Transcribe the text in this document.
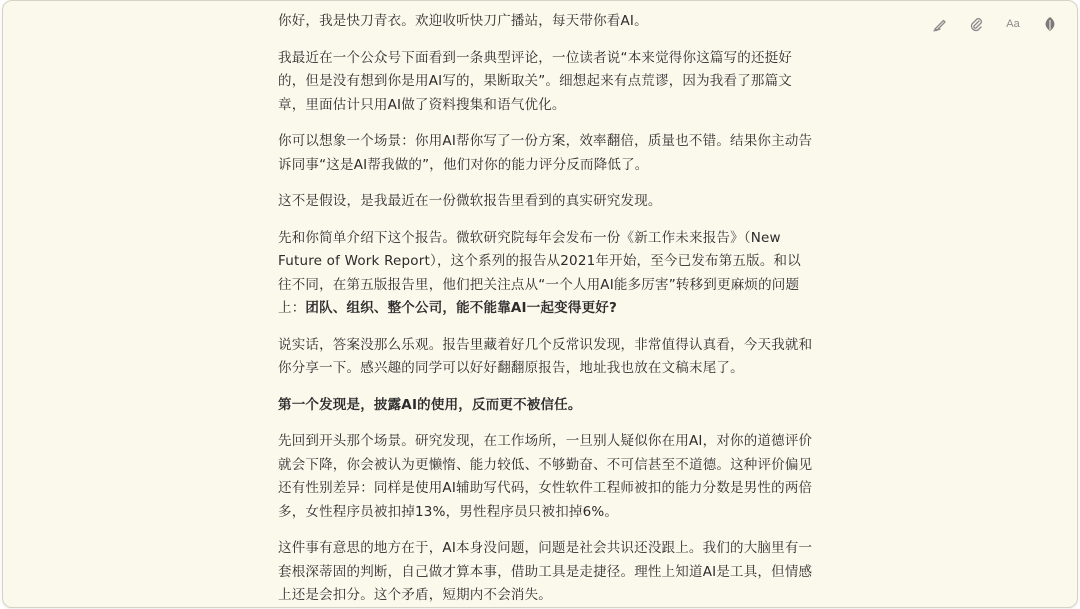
Aa

你好，我是快刀青衣。欢迎收听快刀广播站，每天带你看AI。

我最近在一个公众号下面看到一条典型评论，一位读者说“本来觉得你这篇写的还挺好的，但是没有想到你是用AI写的，果断取关”。细想起来有点荒谬，因为我看了那篇文章，里面估计只用AI做了资料搜集和语气优化。

你可以想象一个场景：你用AI帮你写了一份方案，效率翻倍，质量也不错。结果你主动告诉同事“这是AI帮我做的”，他们对你的能力评分反而降低了。

这不是假设，是我最近在一份微软报告里看到的真实研究发现。

先和你简单介绍下这个报告。微软研究院每年会发布一份《新工作未来报告》（New Future of Work Report），这个系列的报告从2021年开始，至今已发布第五版。和以往不同，在第五版报告里，他们把关注点从“一个人用AI能多厉害”转移到更麻烦的问题上：团队、组织、整个公司，能不能靠AI一起变得更好?

说实话，答案没那么乐观。报告里藏着好几个反常识发现，非常值得认真看，今天我就和你分享一下。感兴趣的同学可以好好翻翻原报告，地址我也放在文稿末尾了。

第一个发现是，披露AI的使用，反而更不被信任。

先回到开头那个场景。研究发现，在工作场所，一旦别人疑似你在用AI，对你的道德评价就会下降，你会被认为更懒惰、能力较低、不够勤奋、不可信甚至不道德。这种评价偏见还有性别差异：同样是使用AI辅助写代码，女性软件工程师被扣的能力分数是男性的两倍多，女性程序员被扣掉13%，男性程序员只被扣掉6%。

这件事有意思的地方在于，AI本身没问题，问题是社会共识还没跟上。我们的大脑里有一套根深蒂固的判断，自己做才算本事，借助工具是走捷径。理性上知道AI是工具，但情感上还是会扣分。这个矛盾，短期内不会消失。
